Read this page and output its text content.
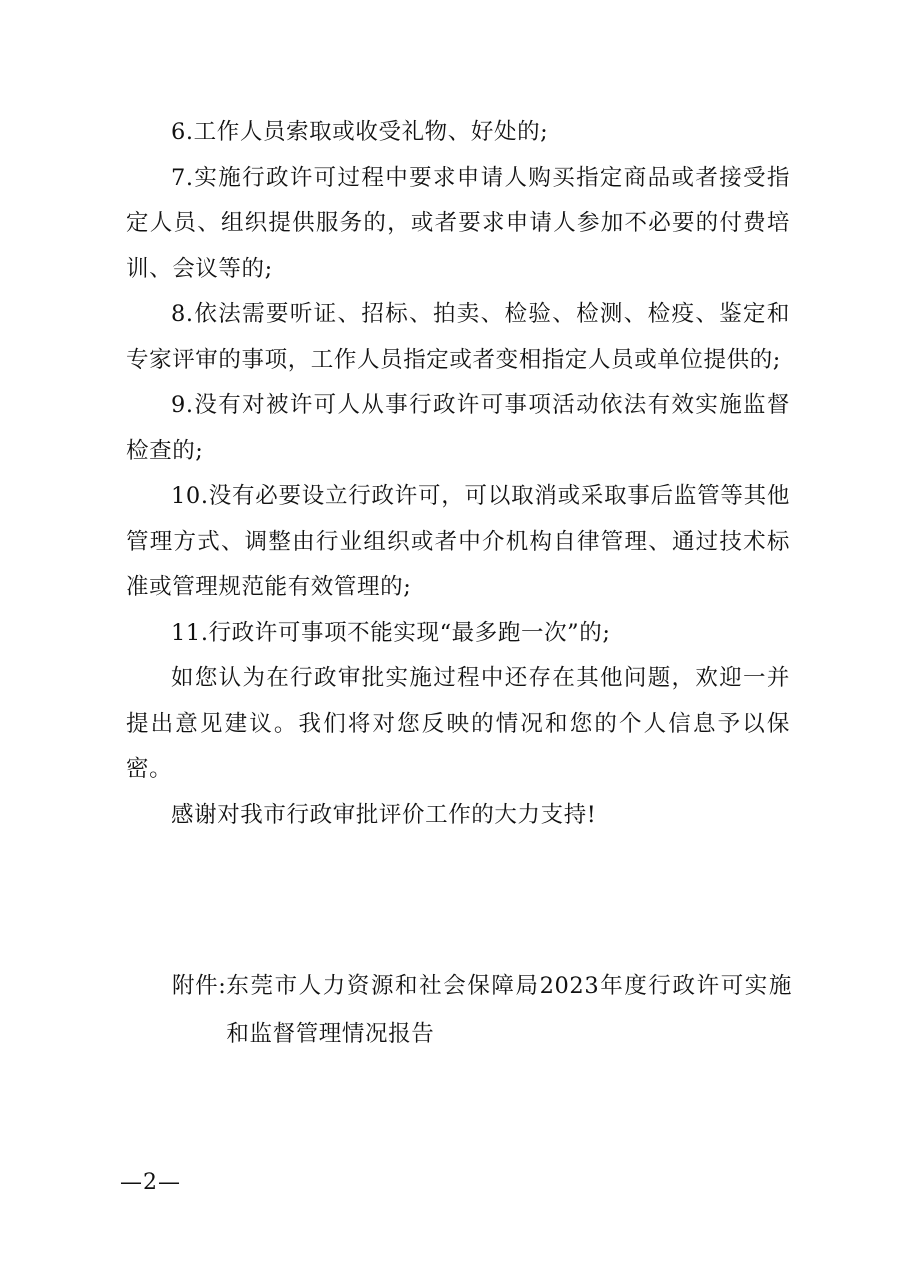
6.工作人员索取或收受礼物、好处的;

7.实施行政许可过程中要求申请人购买指定商品或者接受指定人员、组织提供服务的，或者要求申请人参加不必要的付费培训、会议等的;

8.依法需要听证、招标、拍卖、检验、检测、检疫、鉴定和专家评审的事项，工作人员指定或者变相指定人员或单位提供的;

9.没有对被许可人从事行政许可事项活动依法有效实施监督检查的;

10.没有必要设立行政许可，可以取消或采取事后监管等其他管理方式、调整由行业组织或者中介机构自律管理、通过技术标准或管理规范能有效管理的;

11.行政许可事项不能实现“最多跑一次”的;

如您认为在行政审批实施过程中还存在其他问题，欢迎一并提出意见建议。我们将对您反映的情况和您的个人信息予以保密。

感谢对我市行政审批评价工作的大力支持!

附件: 东莞市人力资源和社会保障局2023年度行政许可实施和监督管理情况报告
—2—
